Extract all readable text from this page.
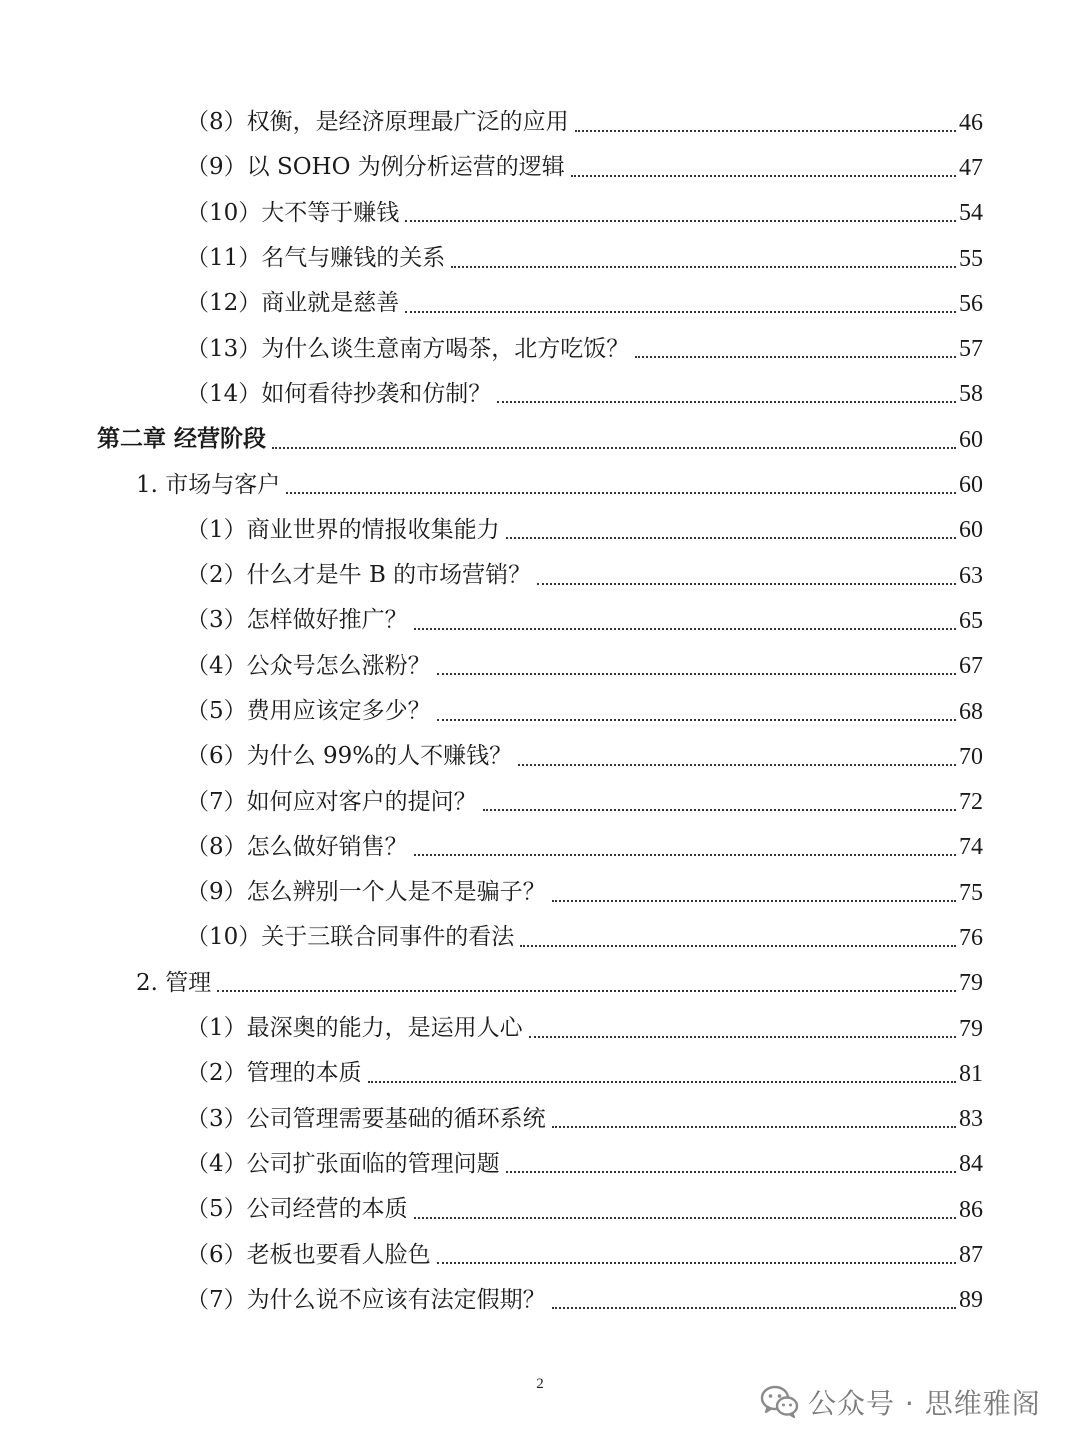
（8）权衡，是经济原理最广泛的应用	46
（9）以 SOHO 为例分析运营的逻辑	47
（10）大不等于赚钱	54
（11）名气与赚钱的关系	55
（12）商业就是慈善	56
（13）为什么谈生意南方喝茶，北方吃饭？	57
（14）如何看待抄袭和仿制？	58
第二章 经营阶段	60
1. 市场与客户	60
（1）商业世界的情报收集能力	60
（2）什么才是牛 B 的市场营销？	63
（3）怎样做好推广？	65
（4）公众号怎么涨粉？	67
（5）费用应该定多少？	68
（6）为什么 99%的人不赚钱？	70
（7）如何应对客户的提问？	72
（8）怎么做好销售？	74
（9）怎么辨别一个人是不是骗子？	75
（10）关于三联合同事件的看法	76
2. 管理	79
（1）最深奥的能力，是运用人心	79
（2）管理的本质	81
（3）公司管理需要基础的循环系统	83
（4）公司扩张面临的管理问题	84
（5）公司经营的本质	86
（6）老板也要看人脸色	87
（7）为什么说不应该有法定假期？	89
2
公众号 · 思维雅阁
